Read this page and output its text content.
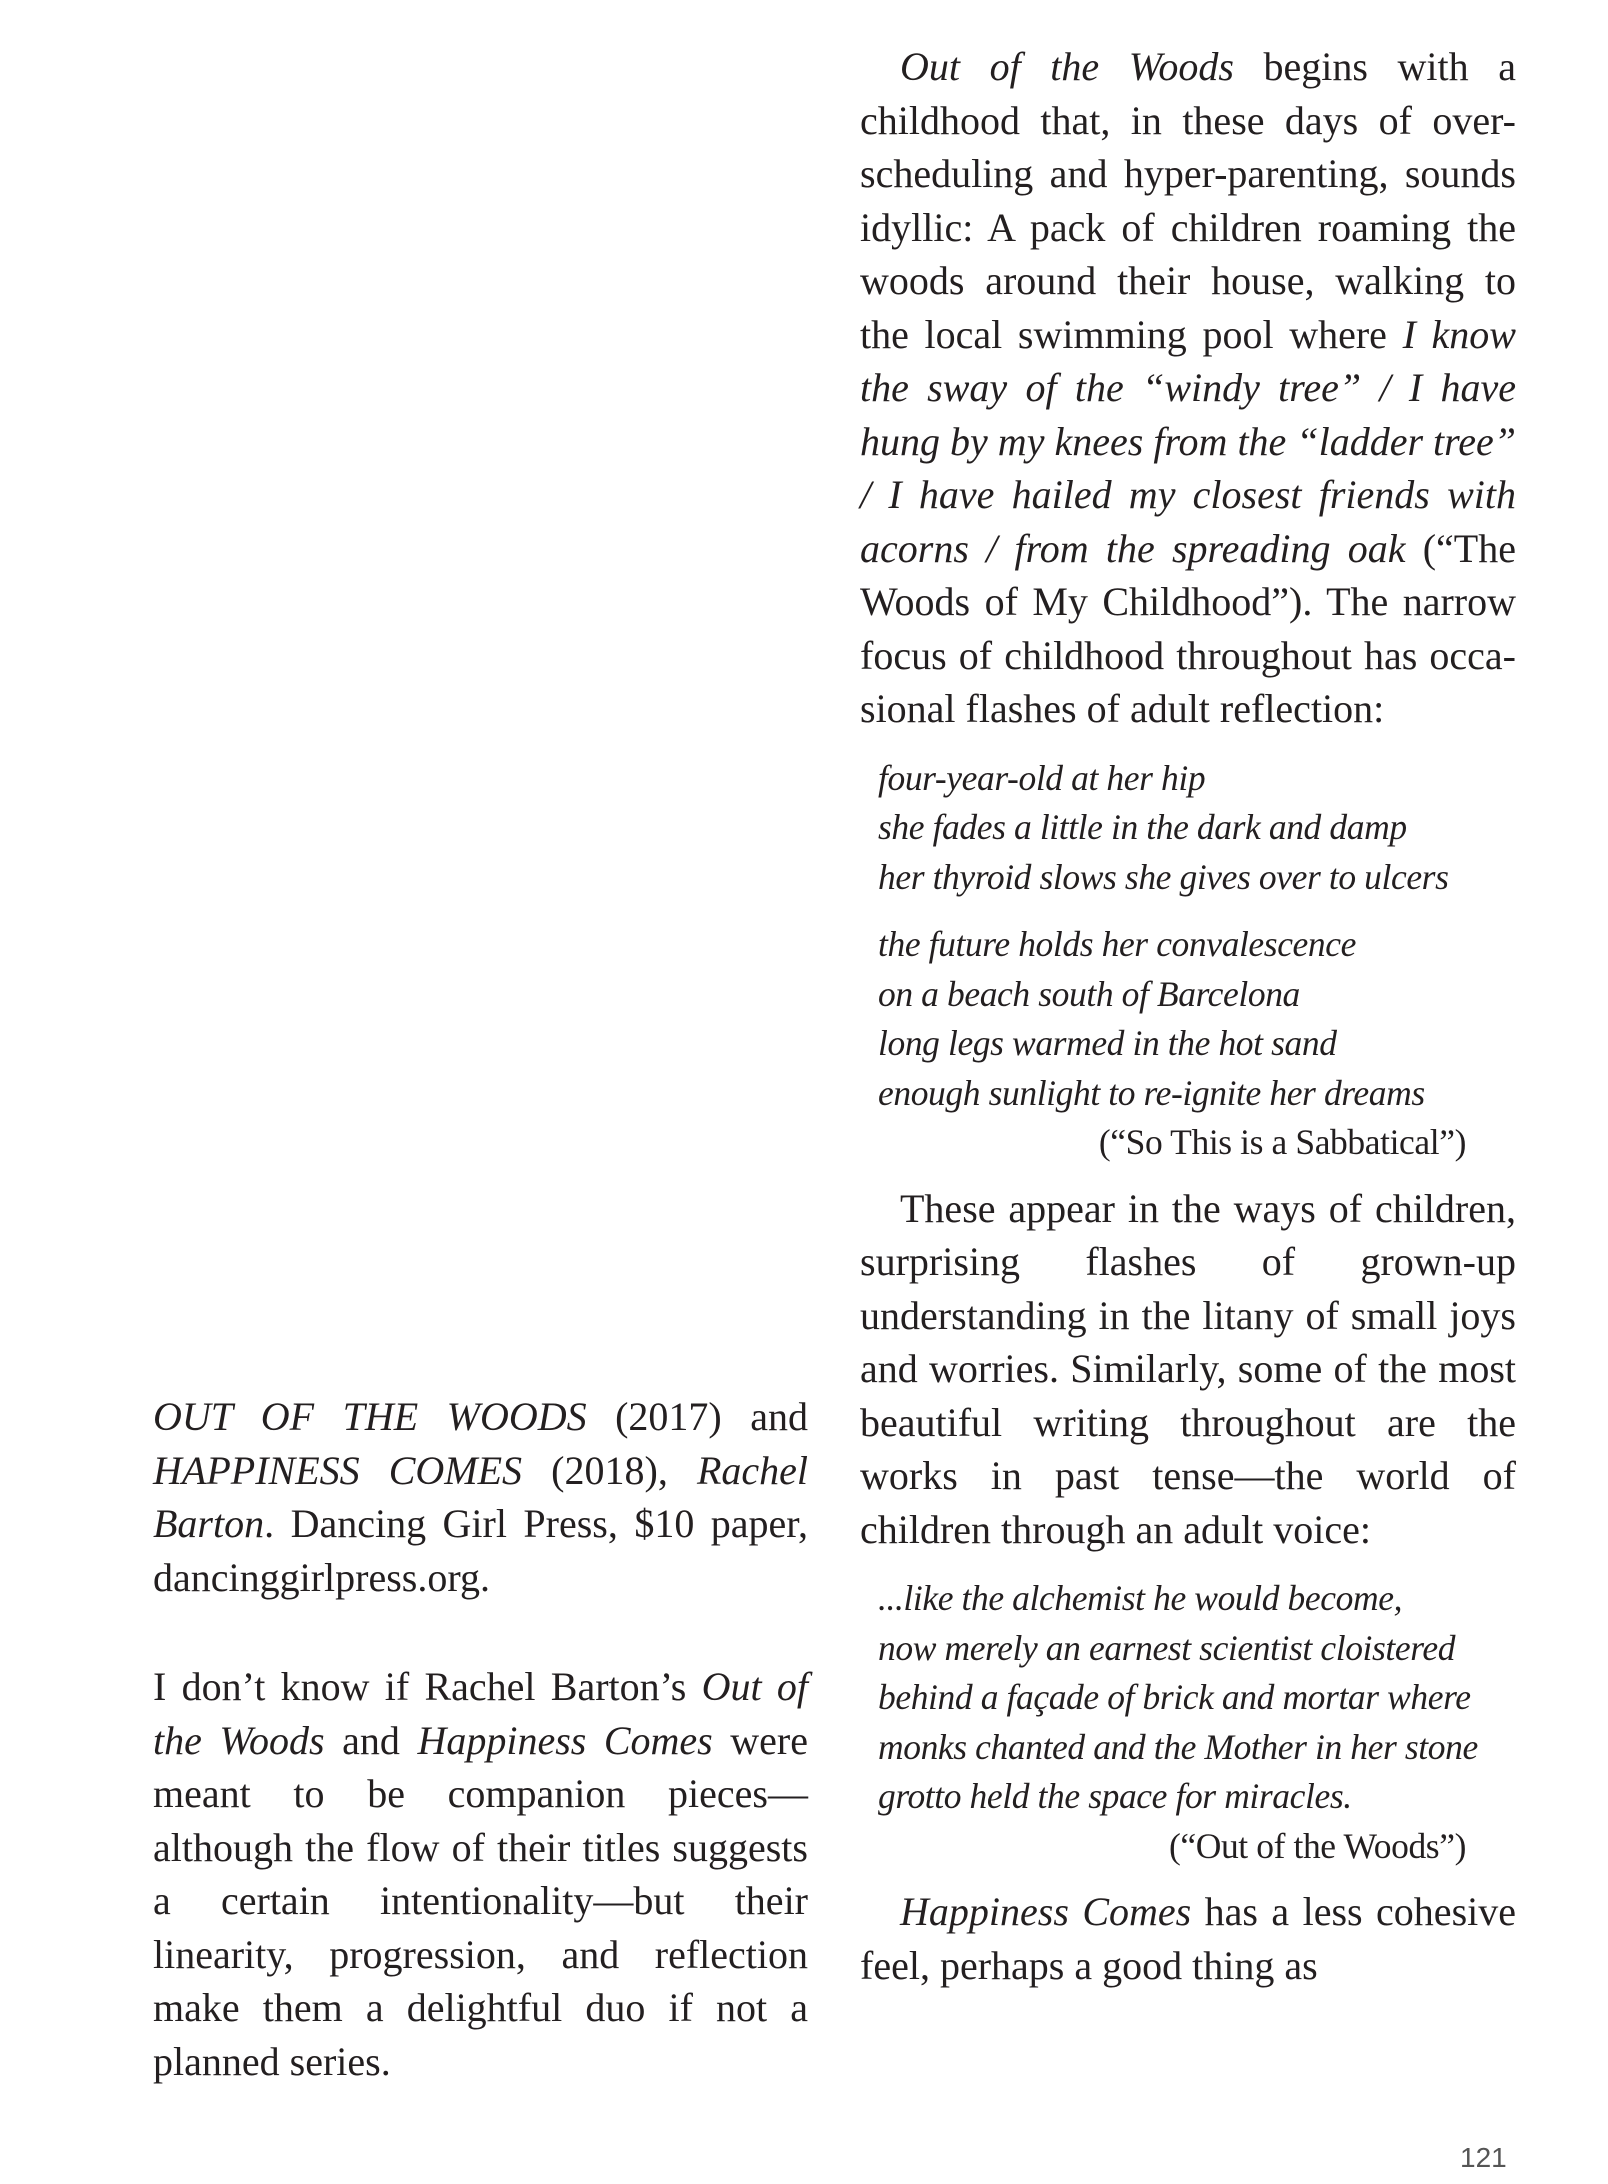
OUT OF THE WOODS (2017) and HAPPINESS COMES (2018), Rachel Barton. Dancing Girl Press, $10 paper, dancinggirlpress.org.

I don’t know if Rachel Barton’s Out of the Woods and Happiness Comes were meant to be companion pieces—although the flow of their titles suggests a certain intentionality—but their linearity, progression, and reflection make them a delightful duo if not a planned series.

Out of the Woods begins with a childhood that, in these days of over-scheduling and hyper-parenting, sounds idyllic: A pack of children roaming the woods around their house, walking to the local swimming pool where I know the sway of the “windy tree” / I have hung by my knees from the “ladder tree” / I have hailed my closest friends with acorns / from the spreading oak (“The Woods of My Childhood”). The narrow focus of childhood throughout has occasional flashes of adult reflection:

four-year-old at her hip
she fades a little in the dark and damp
her thyroid slows she gives over to ulcers

the future holds her convalescence
on a beach south of Barcelona
long legs warmed in the hot sand
enough sunlight to re-ignite her dreams
(“So This is a Sabbatical”)

These appear in the ways of children, surprising flashes of grown-up understanding in the litany of small joys and worries. Similarly, some of the most beautiful writing throughout are the works in past tense—the world of children through an adult voice:

...like the alchemist he would become,
now merely an earnest scientist cloistered
behind a façade of brick and mortar where
monks chanted and the Mother in her stone
grotto held the space for miracles.
(“Out of the Woods”)

Happiness Comes has a less cohesive feel, perhaps a good thing as

121
